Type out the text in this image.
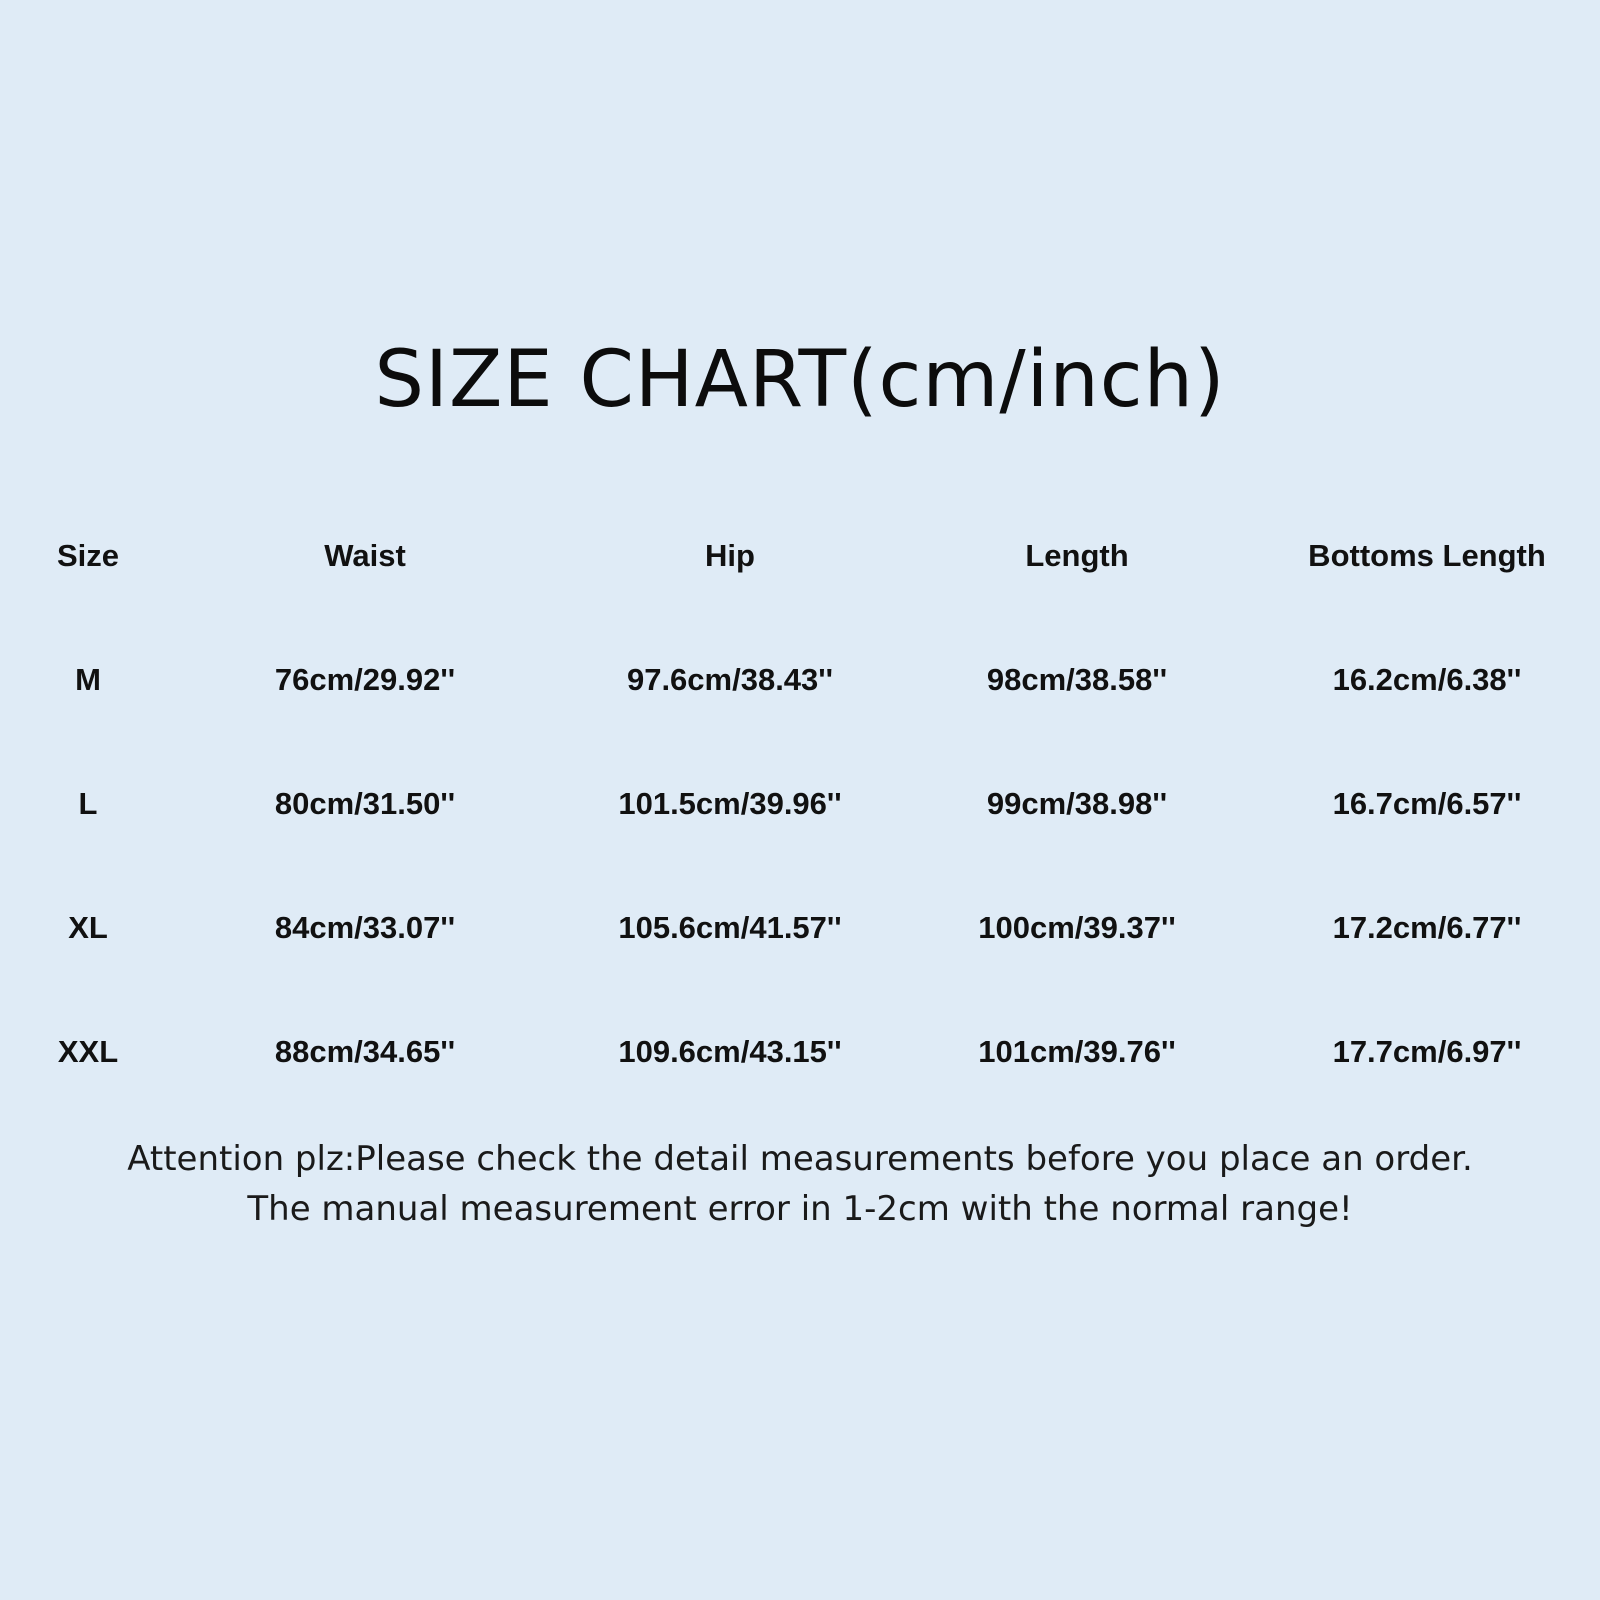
SIZE CHART(cm/inch)
Size	Waist	Hip	Length	Bottoms Length
M	76cm/29.92''	97.6cm/38.43''	98cm/38.58''	16.2cm/6.38''
L	80cm/31.50''	101.5cm/39.96''	99cm/38.98''	16.7cm/6.57''
XL	84cm/33.07''	105.6cm/41.57''	100cm/39.37''	17.2cm/6.77''
XXL	88cm/34.65''	109.6cm/43.15''	101cm/39.76''	17.7cm/6.97''
Attention plz:Please check the detail measurements before you place an order.
The manual measurement error in 1-2cm with the normal range!
